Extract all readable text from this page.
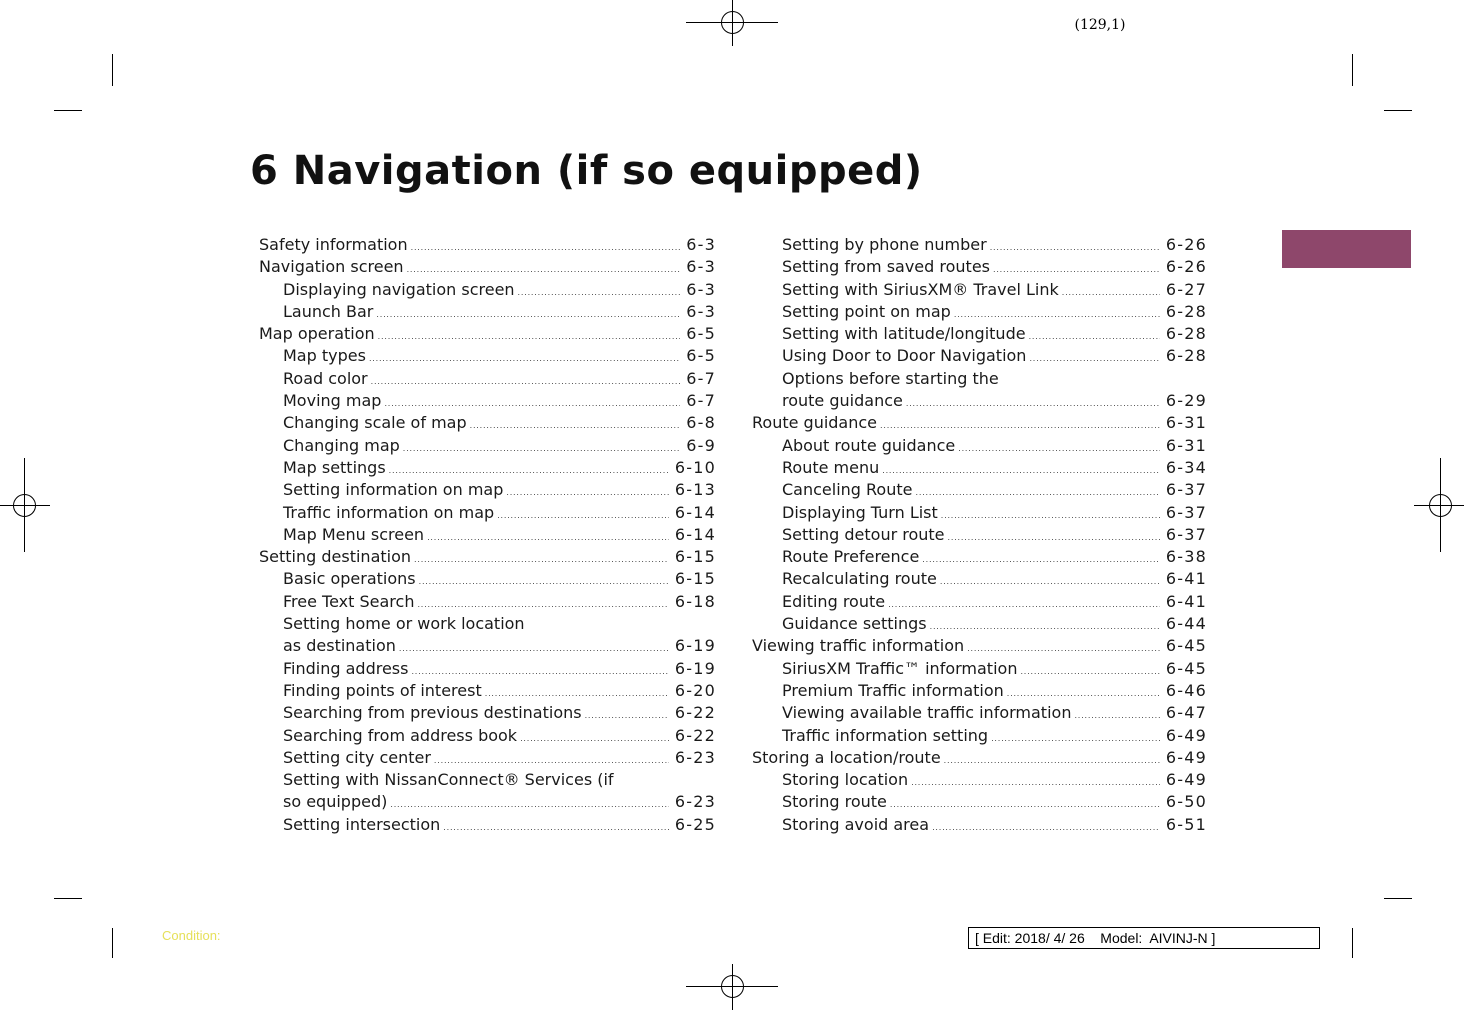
(129,1)
6 Navigation (if so equipped)
Safety information .....	6-3
Navigation screen .....	6-3
Displaying navigation screen .....	6-3
Launch Bar .....	6-3
Map operation .....	6-5
Map types .....	6-5
Road color .....	6-7
Moving map .....	6-7
Changing scale of map .....	6-8
Changing map .....	6-9
Map settings .....	6-10
Setting information on map .....	6-13
Traffic information on map .....	6-14
Map Menu screen .....	6-14
Setting destination .....	6-15
Basic operations .....	6-15
Free Text Search .....	6-18
Setting home or work location
as destination .....	6-19
Finding address .....	6-19
Finding points of interest .....	6-20
Searching from previous destinations .....	6-22
Searching from address book .....	6-22
Setting city center .....	6-23
Setting with NissanConnect® Services (if
so equipped) .....	6-23
Setting intersection .....	6-25
Setting by phone number .....	6-26
Setting from saved routes .....	6-26
Setting with SiriusXM® Travel Link .....	6-27
Setting point on map .....	6-28
Setting with latitude/longitude .....	6-28
Using Door to Door Navigation .....	6-28
Options before starting the
route guidance .....	6-29
Route guidance .....	6-31
About route guidance .....	6-31
Route menu .....	6-34
Canceling Route .....	6-37
Displaying Turn List .....	6-37
Setting detour route .....	6-37
Route Preference .....	6-38
Recalculating route .....	6-41
Editing route .....	6-41
Guidance settings .....	6-44
Viewing traffic information .....	6-45
SiriusXM Traffic™ information .....	6-45
Premium Traffic information .....	6-46
Viewing available traffic information .....	6-47
Traffic information setting .....	6-49
Storing a location/route .....	6-49
Storing location .....	6-49
Storing route .....	6-50
Storing avoid area .....	6-51
Condition:	[ Edit: 2018/ 4/ 26    Model:  AIVINJ-N ]
